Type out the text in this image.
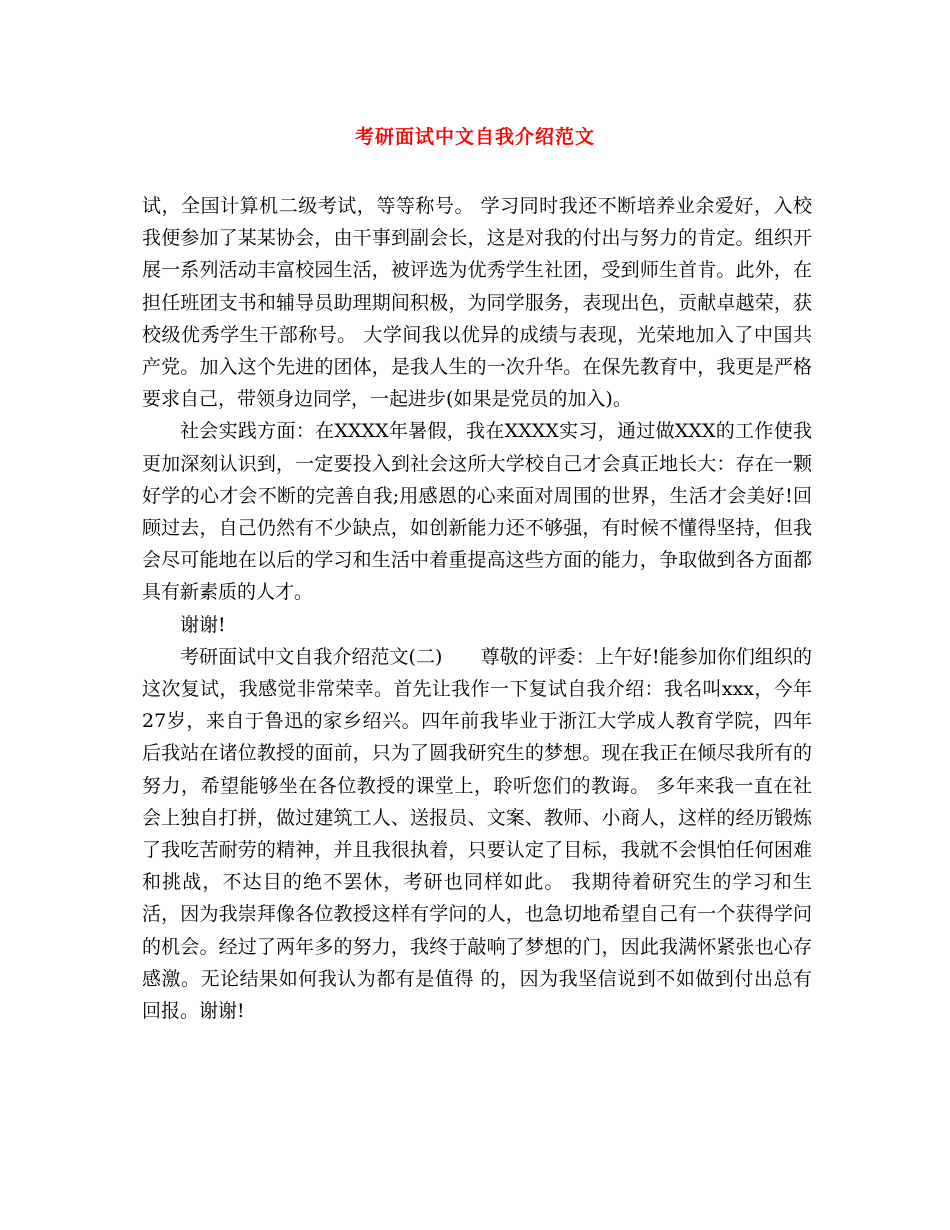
考研面试中文自我介绍范文

试，全国计算机二级考试，等等称号。 学习同时我还不断培养业余爱好，入校我便参加了某某协会，由干事到副会长，这是对我的付出与努力的肯定。组织开展一系列活动丰富校园生活，被评选为优秀学生社团，受到师生首肯。此外，在担任班团支书和辅导员助理期间积极，为同学服务，表现出色，贡献卓越荣，获校级优秀学生干部称号。 大学间我以优异的成绩与表现，光荣地加入了中国共产党。加入这个先进的团体，是我人生的一次升华。在保先教育中，我更是严格要求自己，带领身边同学，一起进步(如果是党员的加入)。

社会实践方面：在XXXX年暑假，我在XXXX实习，通过做XXX的工作使我更加深刻认识到，一定要投入到社会这所大学校自己才会真正地长大：存在一颗好学的心才会不断的完善自我;用感恩的心来面对周围的世界，生活才会美好!回顾过去，自己仍然有不少缺点，如创新能力还不够强，有时候不懂得坚持，但我会尽可能地在以后的学习和生活中着重提高这些方面的能力，争取做到各方面都具有新素质的人才。

谢谢!

考研面试中文自我介绍范文(二)　　尊敬的评委：上午好!能参加你们组织的这次复试，我感觉非常荣幸。首先让我作一下复试自我介绍：我名叫xxx，今年27岁，来自于鲁迅的家乡绍兴。四年前我毕业于浙江大学成人教育学院，四年后我站在诸位教授的面前，只为了圆我研究生的梦想。现在我正在倾尽我所有的努力，希望能够坐在各位教授的课堂上，聆听您们的教诲。 多年来我一直在社会上独自打拼，做过建筑工人、送报员、文案、教师、小商人，这样的经历锻炼了我吃苦耐劳的精神，并且我很执着，只要认定了目标，我就不会惧怕任何困难和挑战，不达目的绝不罢休，考研也同样如此。 我期待着研究生的学习和生活，因为我崇拜像各位教授这样有学问的人，也急切地希望自己有一个获得学问的机会。经过了两年多的努力，我终于敲响了梦想的门，因此我满怀紧张也心存感激。无论结果如何我认为都有是值得 的，因为我坚信说到不如做到付出总有回报。谢谢!
